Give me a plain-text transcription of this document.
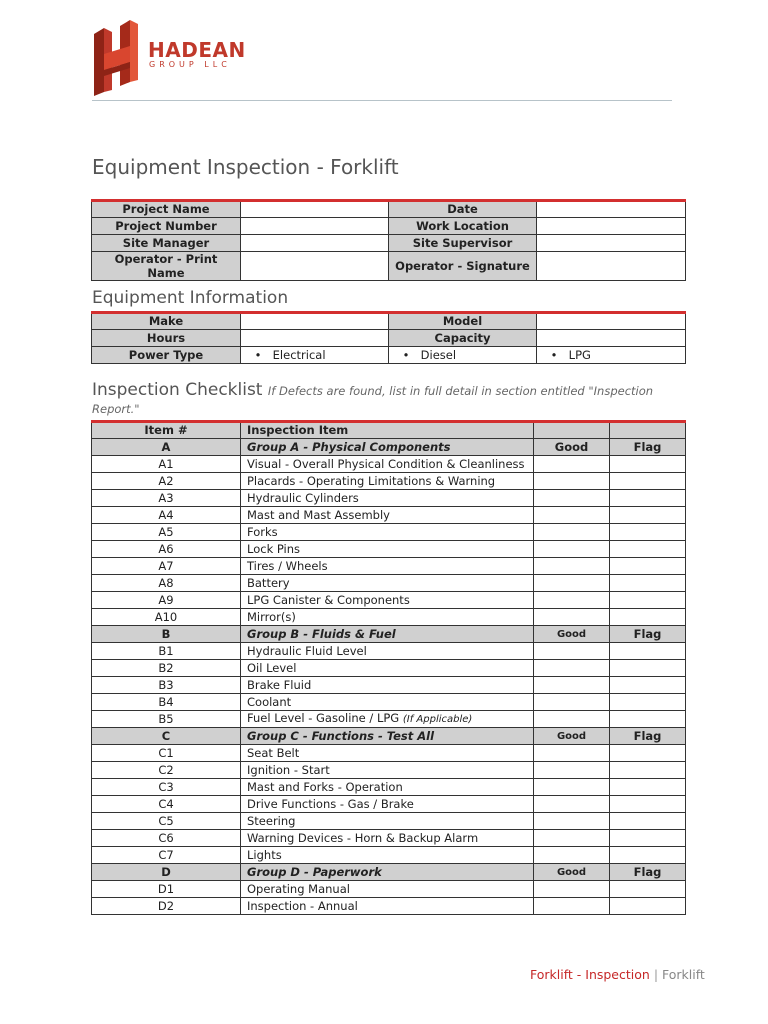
HADEAN
GROUP LLC
Equipment Inspection - Forklift
Project Name		Date	
Project Number		Work Location	
Site Manager		Site Supervisor	
Operator - Print Name		Operator - Signature	
Equipment Information
Make		Model	
Hours		Capacity	
Power Type	• Electrical	• Diesel	• LPG
Inspection Checklist If Defects are found, list in full detail in section entitled "Inspection Report."
Item #	Inspection Item		
A	Group A - Physical Components	Good	Flag
A1	Visual - Overall Physical Condition & Cleanliness		
A2	Placards - Operating Limitations & Warning		
A3	Hydraulic Cylinders		
A4	Mast and Mast Assembly		
A5	Forks		
A6	Lock Pins		
A7	Tires / Wheels		
A8	Battery		
A9	LPG Canister & Components		
A10	Mirror(s)		
B	Group B - Fluids & Fuel	Good	Flag
B1	Hydraulic Fluid Level		
B2	Oil Level		
B3	Brake Fluid		
B4	Coolant		
B5	Fuel Level - Gasoline / LPG (If Applicable)		
C	Group C - Functions - Test All	Good	Flag
C1	Seat Belt		
C2	Ignition - Start		
C3	Mast and Forks - Operation		
C4	Drive Functions - Gas / Brake		
C5	Steering		
C6	Warning Devices - Horn & Backup Alarm		
C7	Lights		
D	Group D - Paperwork	Good	Flag
D1	Operating Manual		
D2	Inspection - Annual		
Forklift - Inspection | Forklift
